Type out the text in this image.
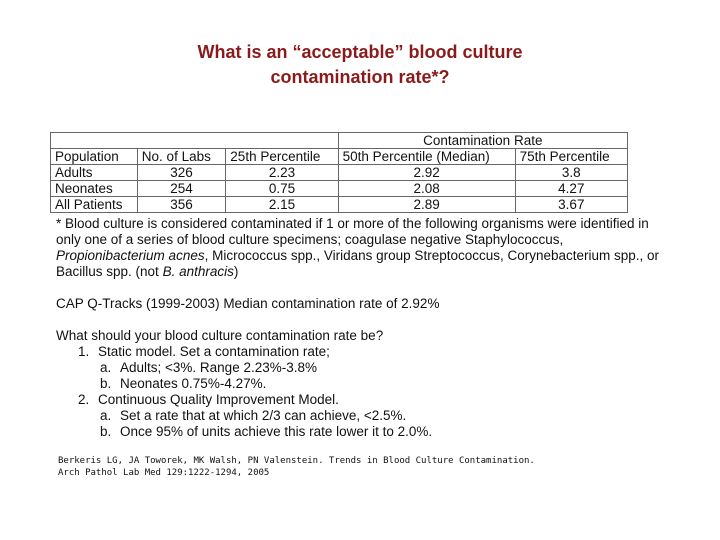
What is an “acceptable” blood culture
contamination rate*?
			Contamination Rate	
Population	No. of Labs	25th Percentile	50th Percentile (Median)	75th Percentile
Adults	326	2.23	2.92	3.8
Neonates	254	0.75	2.08	4.27
All Patients	356	2.15	2.89	3.67

* Blood culture is considered contaminated if 1 or more of the following organisms were identified in only one of a series of blood culture specimens; coagulase negative Staphylococcus, Propionibacterium acnes, Micrococcus spp., Viridans group Streptococcus, Corynebacterium spp., or Bacillus spp. (not B. anthracis)

CAP Q-Tracks (1999-2003) Median contamination rate of 2.92%

What should your blood culture contamination rate be?

1. Static model. Set a contamination rate;

a. Adults; <3%. Range 2.23%-3.8%

b. Neonates 0.75%-4.27%.

2. Continuous Quality Improvement Model.

a. Set a rate that at which 2/3 can achieve, <2.5%.

b. Once 95% of units achieve this rate lower it to 2.0%.

Berkeris LG, JA Toworek, MK Walsh, PN Valenstein. Trends in Blood Culture Contamination.

Arch Pathol Lab Med 129:1222-1294, 2005
